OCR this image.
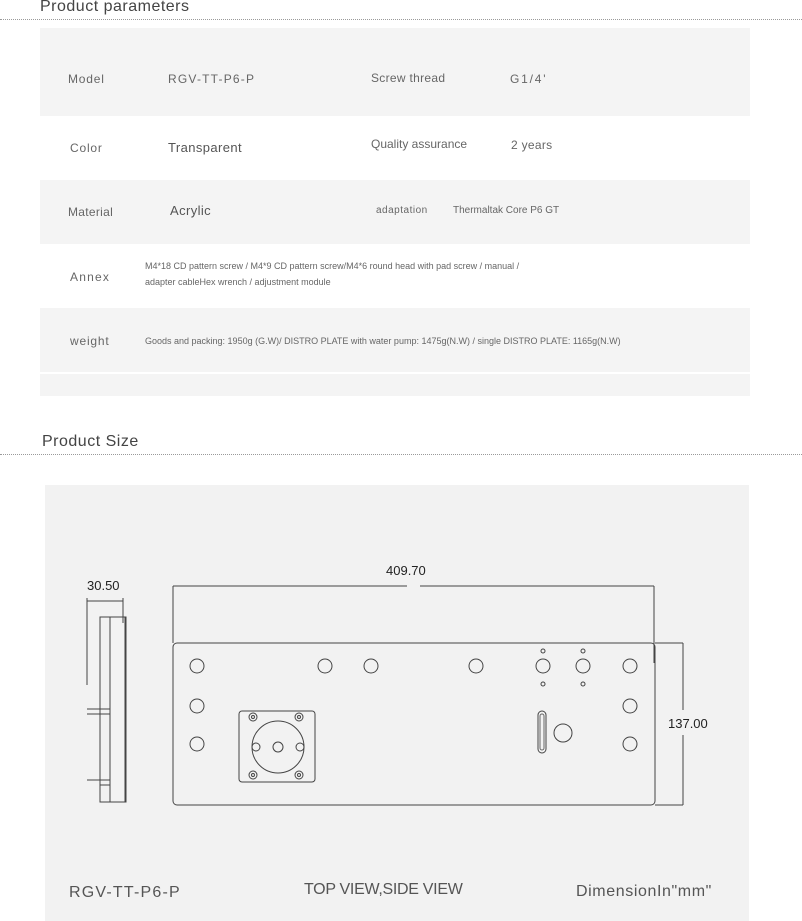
Product parameters
Model	RGV-TT-P6-P	Screw thread	G1/4'
Color	Transparent	Quality assurance	2 years
Material	Acrylic	adaptation	Thermaltak Core P6 GT
Annex
M4*18 CD pattern screw / M4*9 CD pattern screw/M4*6 round head with pad screw / manual /
adapter cableHex wrench / adjustment module
weight	Goods and packing: 1950g (G.W)/ DISTRO PLATE with water pump: 1475g(N.W) / single DISTRO PLATE: 1165g(N.W)
Product Size
30.50
409.70
137.00
RGV-TT-P6-P	TOP VIEW,SIDE VIEW	DimensionIn"mm"
